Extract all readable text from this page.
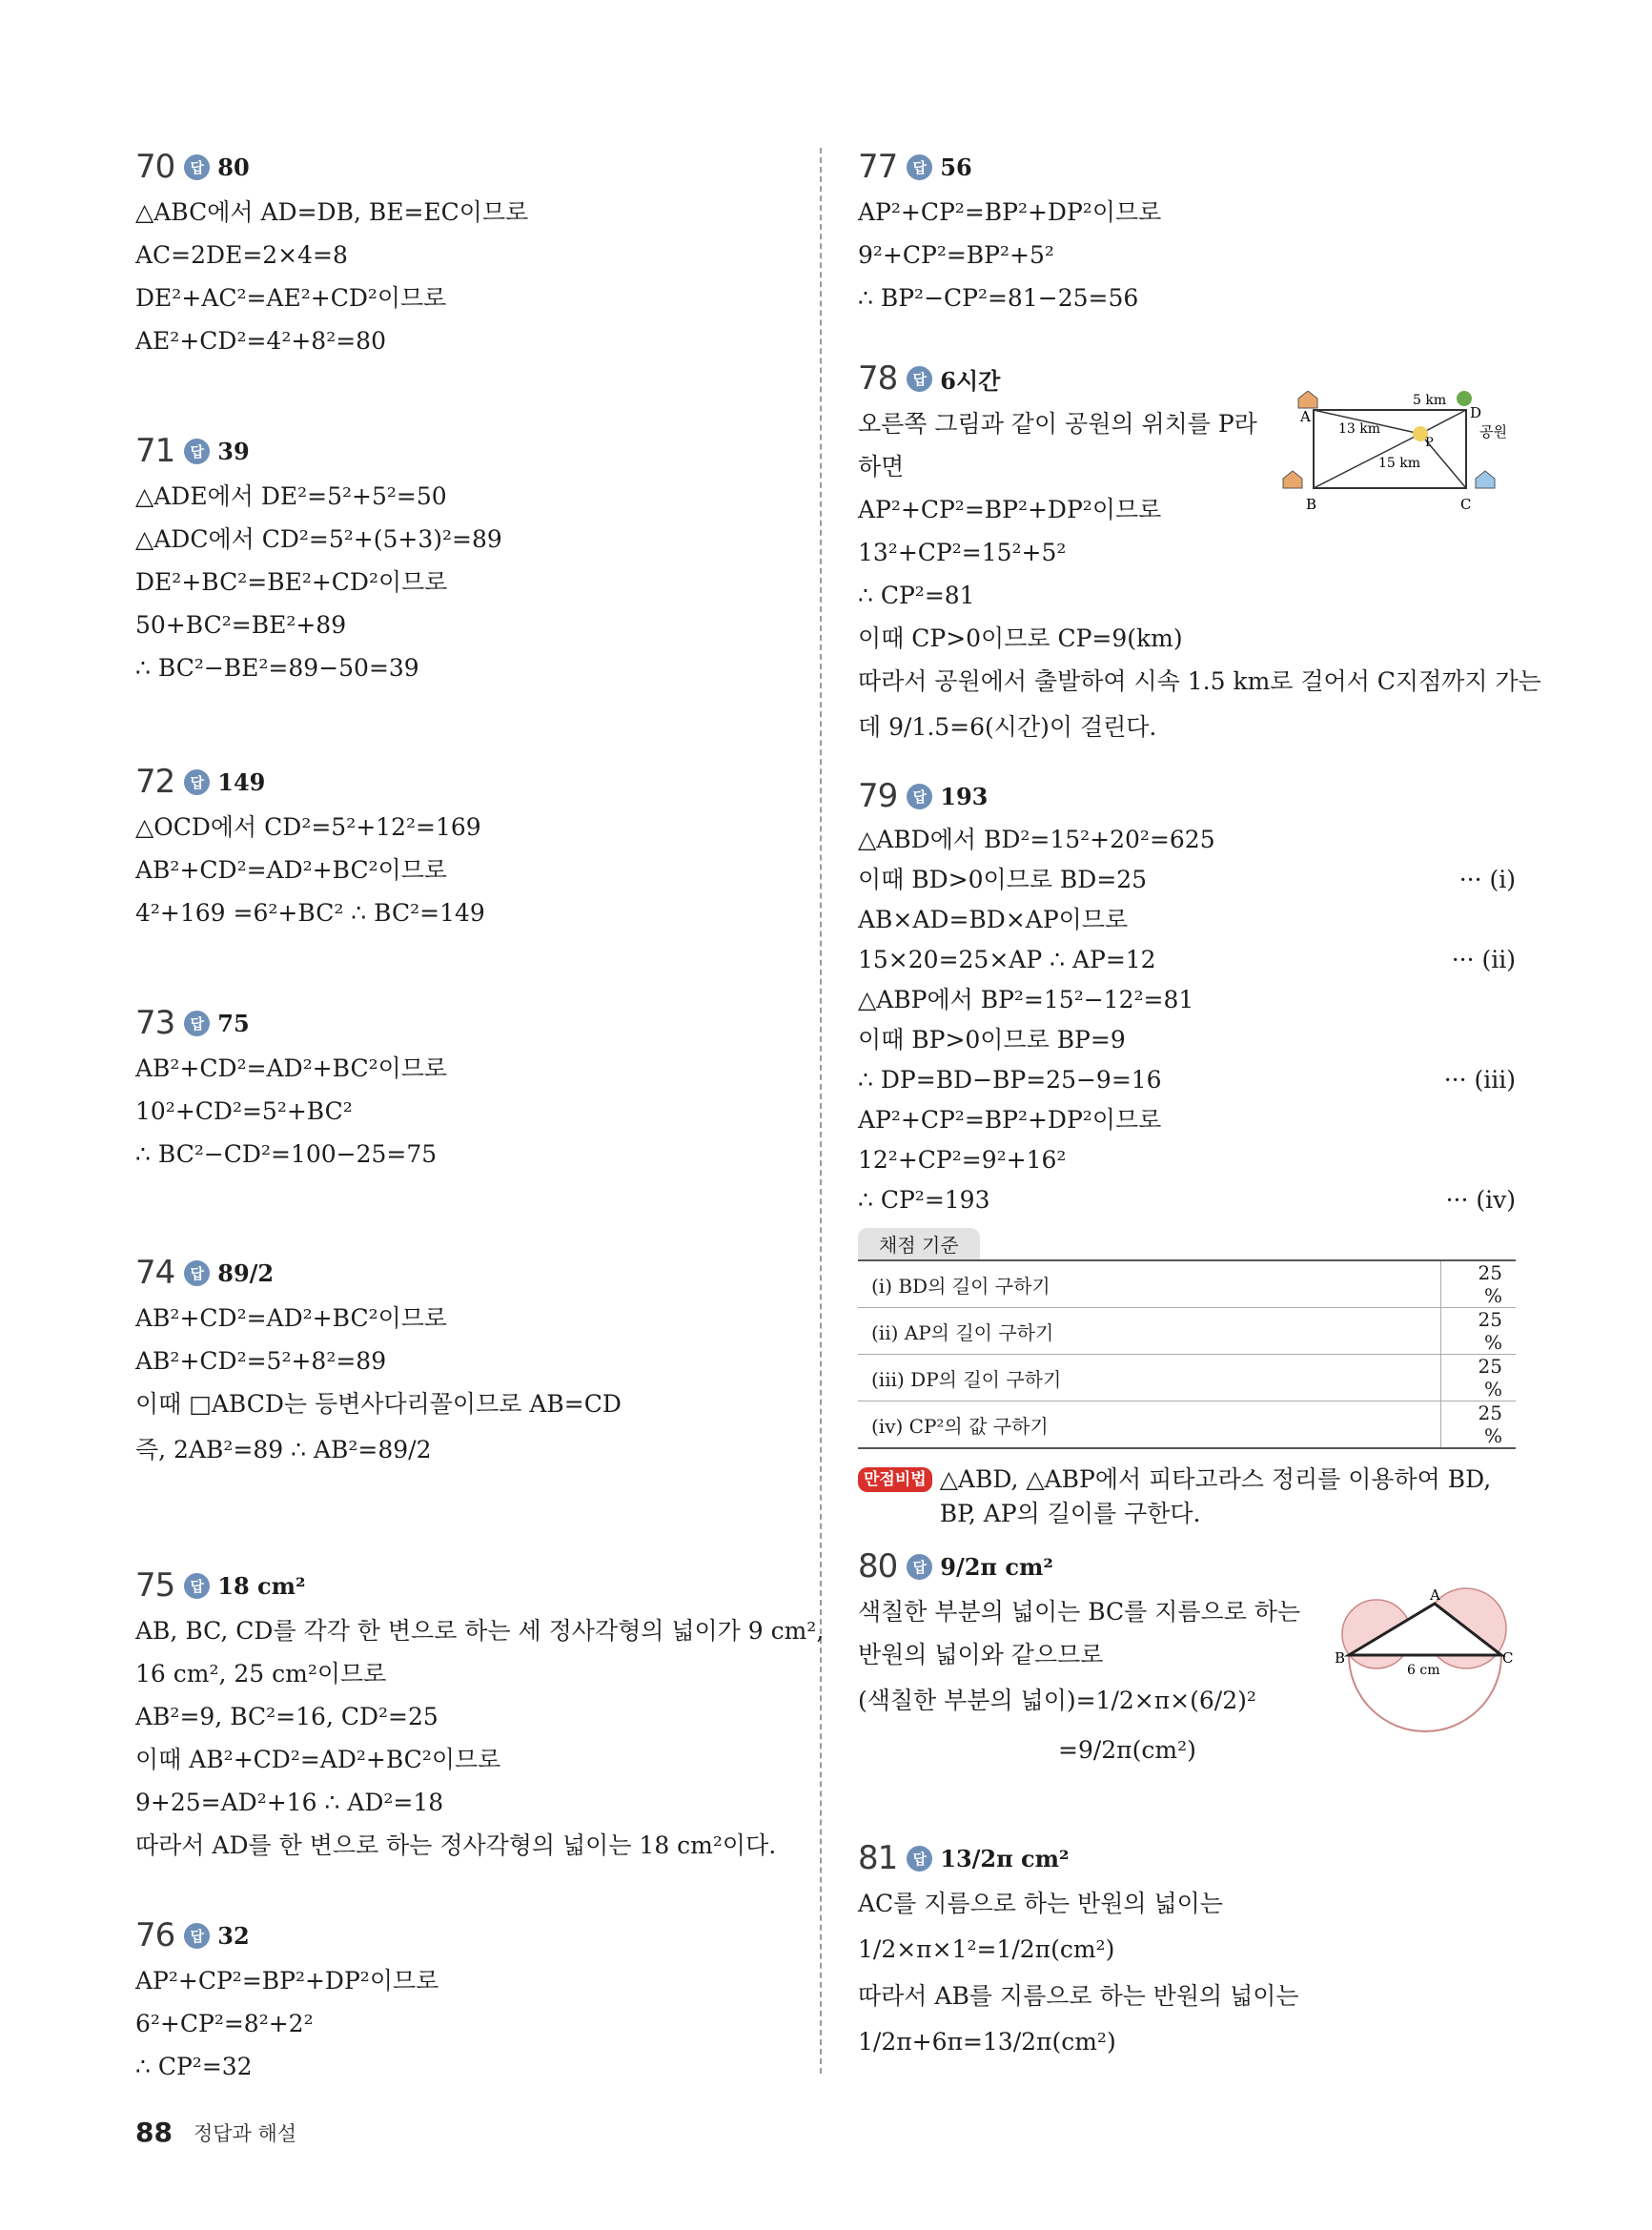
70	답 80
△ABC에서 AD=DB, BE=EC이므로
AC=2DE=2×4=8
DE²+AC²=AE²+CD²이므로
AE²+CD²=4²+8²=80
71	답 39
△ADE에서 DE²=5²+5²=50
△ADC에서 CD²=5²+(5+3)²=89
DE²+BC²=BE²+CD²이므로
50+BC²=BE²+89
∴ BC²−BE²=89−50=39
72	답 149
△OCD에서 CD²=5²+12²=169
AB²+CD²=AD²+BC²이므로
4²+169 =6²+BC² ∴ BC²=149
73	답 75
AB²+CD²=AD²+BC²이므로
10²+CD²=5²+BC²
∴ BC²−CD²=100−25=75
74	답 89/2
AB²+CD²=AD²+BC²이므로
AB²+CD²=5²+8²=89
이때 □ABCD는 등변사다리꼴이므로 AB=CD
즉, 2AB²=89 ∴ AB²=89/2
75	답 18 cm²
AB, BC, CD를 각각 한 변으로 하는 세 정사각형의 넓이가 9 cm²,
16 cm², 25 cm²이므로
AB²=9, BC²=16, CD²=25
이때 AB²+CD²=AD²+BC²이므로
9+25=AD²+16 ∴ AD²=18
따라서 AD를 한 변으로 하는 정사각형의 넓이는 18 cm²이다.
76	답 32
AP²+CP²=BP²+DP²이므로
6²+CP²=8²+2²
∴ CP²=32
77	답 56
AP²+CP²=BP²+DP²이므로
9²+CP²=BP²+5²
∴ BP²−CP²=81−25=56
78	답 6시간
오른쪽 그림과 같이 공원의 위치를 P라
하면
AP²+CP²=BP²+DP²이므로
13²+CP²=15²+5²
∴ CP²=81
이때 CP>0이므로 CP=9(km)
따라서 공원에서 출발하여 시속 1.5 km로 걸어서 C지점까지 가는
데 9/1.5=6(시간)이 걸린다.
A
B	C
D
P
5 km
13 km
15 km
공원
79	답 193
△ABD에서 BD²=15²+20²=625
이때 BD>0이므로 BD=25	··· (i)
AB×AD=BD×AP이므로
15×20=25×AP ∴ AP=12	··· (ii)
△ABP에서 BP²=15²−12²=81
이때 BP>0이므로 BP=9
∴ DP=BD−BP=25−9=16	··· (iii)
AP²+CP²=BP²+DP²이므로
12²+CP²=9²+16²
∴ CP²=193	··· (iv)
채점 기준
(i) BD의 길이 구하기	25 %
(ii) AP의 길이 구하기	25 %
(iii) DP의 길이 구하기	25 %
(iv) CP²의 값 구하기	25 %
만점비법 △ABD, △ABP에서 피타고라스 정리를 이용하여 BD, BP, AP의 길이를 구한다.
80	답 9/2π cm²
색칠한 부분의 넓이는 BC를 지름으로 하는
반원의 넓이와 같으므로
(색칠한 부분의 넓이)=1/2×π×(6/2)²
=9/2π(cm²)
A
B	C
6 cm
81	답 13/2π cm²
AC를 지름으로 하는 반원의 넓이는
1/2×π×1²=1/2π(cm²)
따라서 AB를 지름으로 하는 반원의 넓이는
1/2π+6π=13/2π(cm²)
88 정답과 해설
